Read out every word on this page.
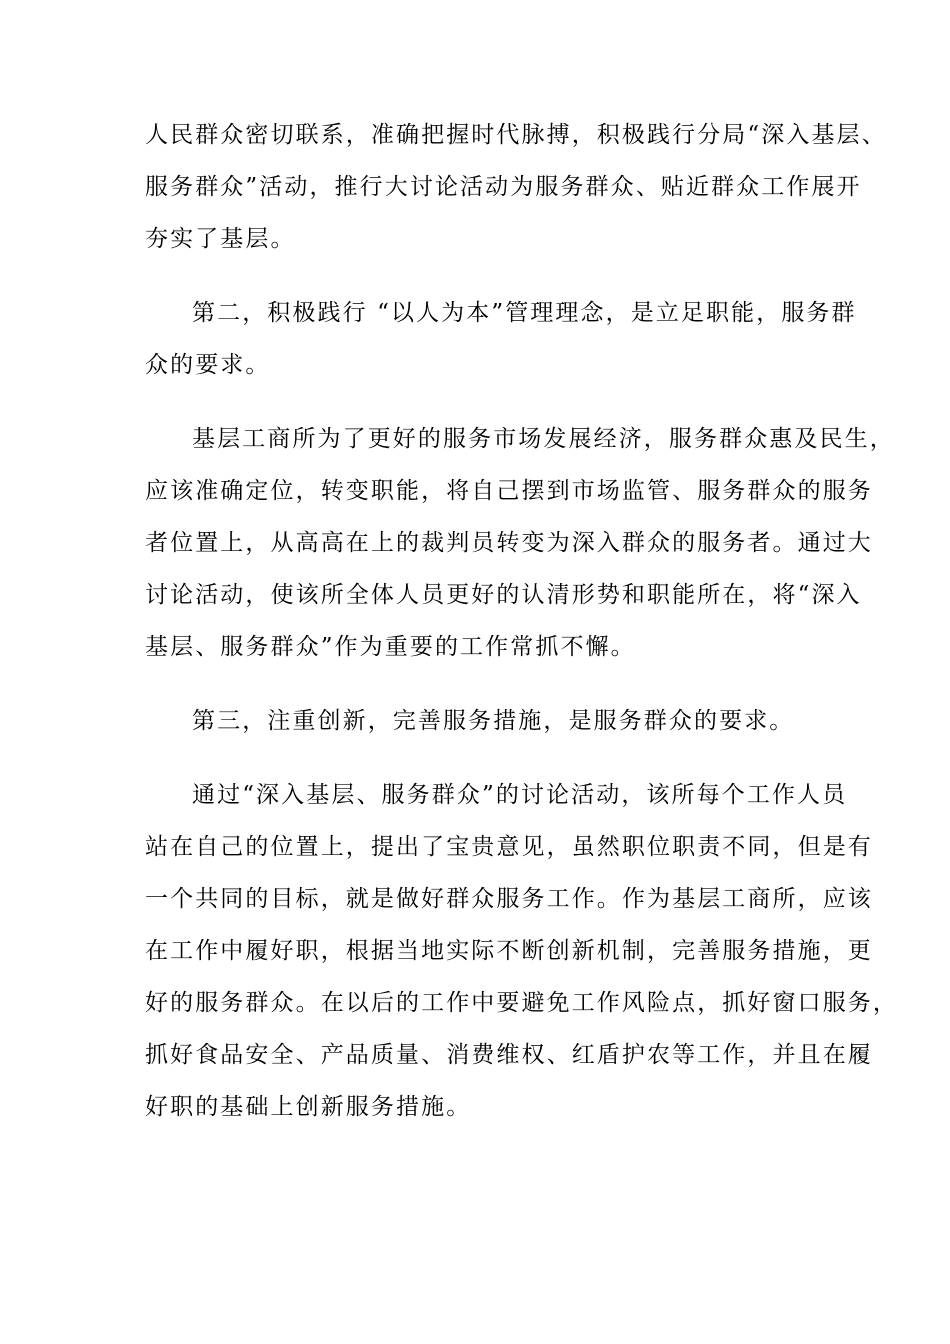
人民群众密切联系，准确把握时代脉搏，积极践行分局“深入基层、
服务群众”活动，推行大讨论活动为服务群众、贴近群众工作展开
夯实了基层。
第二，积极践行 “以人为本”管理理念，是立足职能，服务群
众的要求。
基层工商所为了更好的服务市场发展经济，服务群众惠及民生，
应该准确定位，转变职能，将自己摆到市场监管、服务群众的服务
者位置上，从高高在上的裁判员转变为深入群众的服务者。通过大
讨论活动，使该所全体人员更好的认清形势和职能所在，将“深入
基层、服务群众”作为重要的工作常抓不懈。
第三，注重创新，完善服务措施，是服务群众的要求。
通过“深入基层、服务群众”的讨论活动，该所每个工作人员
站在自己的位置上，提出了宝贵意见，虽然职位职责不同，但是有
一个共同的目标，就是做好群众服务工作。作为基层工商所，应该
在工作中履好职，根据当地实际不断创新机制，完善服务措施，更
好的服务群众。在以后的工作中要避免工作风险点，抓好窗口服务，
抓好食品安全、产品质量、消费维权、红盾护农等工作，并且在履
好职的基础上创新服务措施。
